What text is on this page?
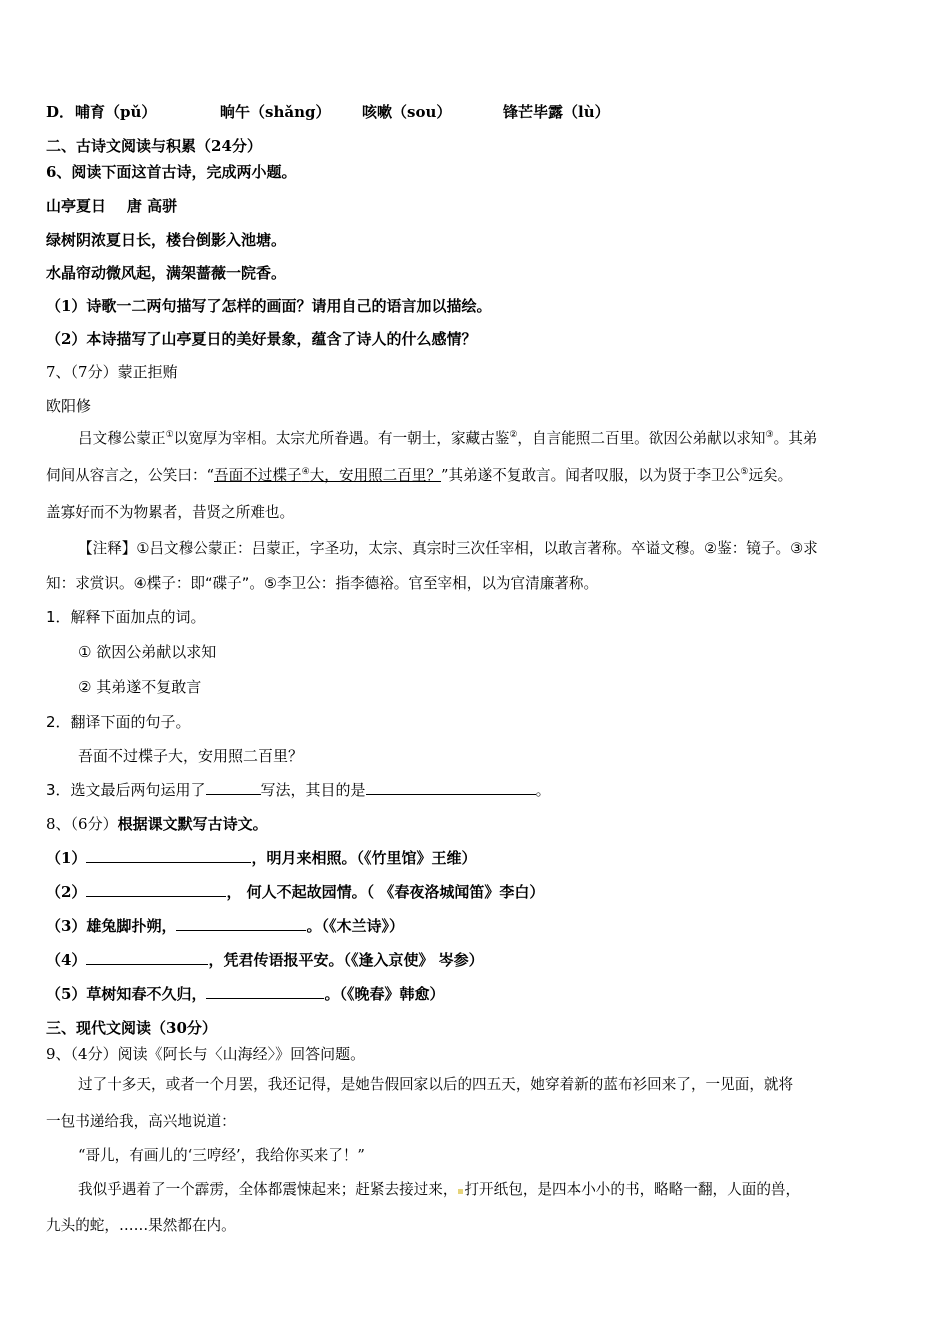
D． 哺育（pǔ）	晌午（shǎng） 咳嗽（sou）	锋芒毕露（lù）
二、古诗文阅读与积累（24分）
6、阅读下面这首古诗，完成两小题。
山亭夏日 唐 高骈
绿树阴浓夏日长，楼台倒影入池塘。
水晶帘动微风起，满架蔷薇一院香。
（1）诗歌一二两句描写了怎样的画面？请用自己的语言加以描绘。
（2）本诗描写了山亭夏日的美好景象，蕴含了诗人的什么感情？
7、（7分）蒙正拒贿
欧阳修
吕文穆公蒙正①以宽厚为宰相。太宗尤所眷遇。有一朝士，家藏古鉴②，自言能照二百里。欲因公弟献以求知③。其弟
伺间从容言之，公笑曰：“吾面不过楪子④大，安用照二百里？”其弟遂不复敢言。闻者叹服，以为贤于李卫公⑤远矣。
盖寡好而不为物累者，昔贤之所难也。
【注释】①吕文穆公蒙正：吕蒙正，字圣功，太宗、真宗时三次任宰相，以敢言著称。卒谥文穆。②鉴：镜子。③求
知：求赏识。④楪子：即“碟子”。⑤李卫公：指李德裕。官至宰相，以为官清廉著称。
1．解释下面加点的词。
① 欲因公弟献以求知
② 其弟遂不复敢言
2．翻译下面的句子。
吾面不过楪子大，安用照二百里？
3．选文最后两句运用了	写法，其目的是	。
8、（6分）根据课文默写古诗文。
（1）	，明月来相照。（《竹里馆》王维）
（2）	， 何人不起故园情。（ 《春夜洛城闻笛》李白）
（3）雄兔脚扑朔，	。（《木兰诗》）
（4）	，凭君传语报平安。（《逢入京使》 岑参）
（5）草树知春不久归，	。（《晚春》韩愈）
三、现代文阅读（30分）
9、（4分）阅读《阿长与〈山海经〉》回答问题。
过了十多天，或者一个月罢，我还记得，是她告假回家以后的四五天，她穿着新的蓝布衫回来了，一见面，就将
一包书递给我，高兴地说道：
“哥儿，有画儿的‘三哼经’，我给你买来了！”
我似乎遇着了一个霹雳，全体都震悚起来；赶紧去接过来， 打开纸包，是四本小小的书，略略一翻，人面的兽，
九头的蛇，……果然都在内。
